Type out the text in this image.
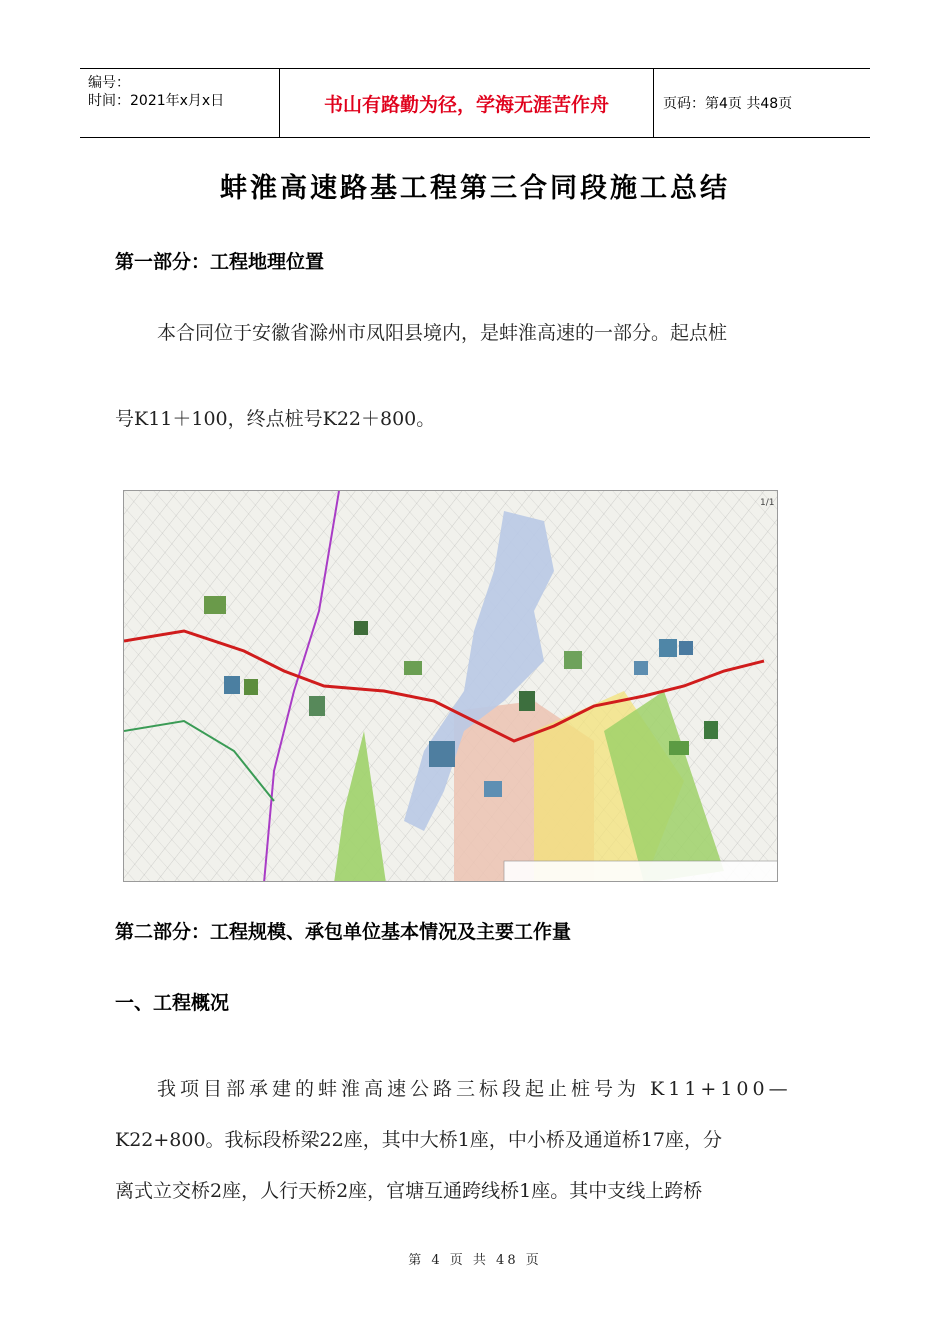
编号：
时间：2021年x月x日	书山有路勤为径，学海无涯苦作舟	页码：第4页 共48页
蚌淮高速路基工程第三合同段施工总结
第一部分：工程地理位置
本合同位于安徽省滁州市凤阳县境内，是蚌淮高速的一部分。起点桩
号K11＋100，终点桩号K22＋800。
1/1
第二部分：工程规模、承包单位基本情况及主要工作量
一、工程概况
我项目部承建的蚌淮高速公路三标段起止桩号为 K11+100—
K22+800。我标段桥梁22座，其中大桥1座，中小桥及通道桥17座，分
离式立交桥2座，人行天桥2座，官塘互通跨线桥1座。其中支线上跨桥
第 4 页 共 48 页
